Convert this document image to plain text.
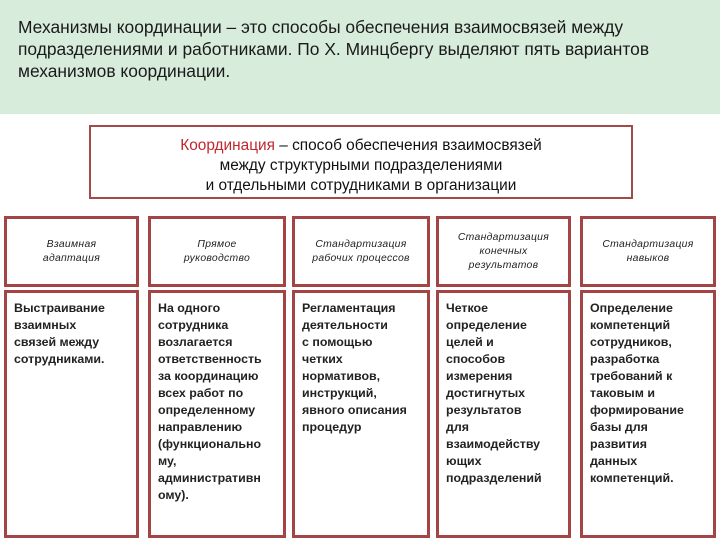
Механизмы координации – это способы обеспечения взаимосвязей между
подразделениями и работниками. По Х. Минцбергу выделяют пять вариантов
механизмов координации.
Координация – способ обеспечения взаимосвязей
между структурными подразделениями
и отдельными сотрудниками в организации
Взаимная адаптация
Прямое руководство
Стандартизация рабочих процессов
Стандартизация конечных результатов
Стандартизация навыков
Выстраивание
взаимных
связей между
сотрудниками.
На одного
сотрудника
возлагается
ответственность
за координацию
всех работ по
определенному
направлению
(функционально
му,
административн
ому).
Регламентация
деятельности
с помощью
четких
нормативов,
инструкций,
явного описания
процедур
Четкое
определение
целей и
способов
измерения
достигнутых
результатов
для
взаимодейству
ющих
подразделений
Определение
компетенций
сотрудников,
разработка
требований к
таковым и
формирование
базы для
развития
данных
компетенций.
